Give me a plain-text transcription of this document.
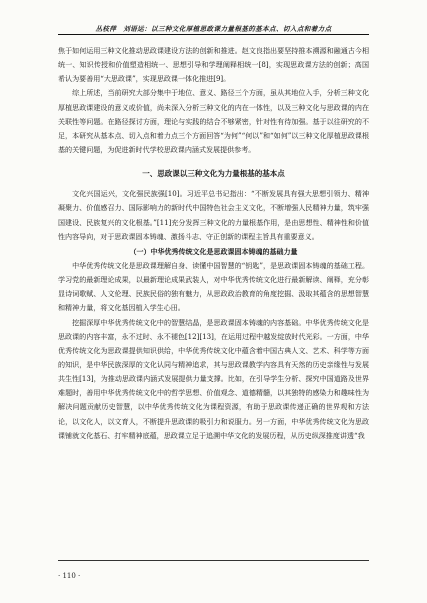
丛枝萍　刘语运：以三种文化厚植思政课力量根基的基本点、切入点和着力点

焦于如何运用三种文化推动思政课建设方法的创新和推进。赵文良指出要坚持推本溯源和融通古今相统一、知识传授和价值塑造相统一、思想引导和学理阐释相统一[8]，实现思政课方法的创新；高国希认为要善用“大思政课”，实现思政课一体化推进[9]。

综上所述，当前研究大部分集中于地位、意义、路径三个方面，虽从其地位入手，分析三种文化厚植思政课建设的意义或价值，尚未深入分析三种文化的内在一体性，以及三种文化与思政课的内在关联性等问题。在路径探讨方面，理论与实践的结合不够紧密，针对性有待加强。基于以往研究的不足，本研究从基本点、切入点和着力点三个方面回答“为何”“何以”和“如何”以三种文化厚植思政课根基的关键问题，为促进新时代学校思政课内涵式发展提供参考。

一、思政课以三种文化为力量根基的基本点

文化兴国运兴，文化强民族强[10]。习近平总书记指出：“不断发展具有强大思想引领力、精神凝聚力、价值感召力、国际影响力的新时代中国特色社会主义文化，不断增强人民精神力量，筑牢强国建设、民族复兴的文化根基。”[11]充分发挥三种文化的力量根基作用，是由思想性、精神性和价值性内容导向，对于思政课固本铸魂、激扬斗志、守正创新的课程主旨具有重要意义。

（一）中华优秀传统文化是思政课固本铸魂的基础力量

中华优秀传统文化是思政课理解自身、读懂中国智慧的“钥匙”，是思政课固本铸魂的基础工程。学习党的最新理论成果，以最新理论成果武装人，对中华优秀传统文化进行最新解读、阐释，充分彰显诗词歌赋、人文伦理、民族民俗的独有魅力，从思政政治教育的角度挖掘、汲取其蕴含的思想智慧和精神力量，将文化基因植入学生心田。

挖掘深厚中华优秀传统文化中的智慧结晶，是思政课固本铸魂的内容基础。中华优秀传统文化是思政课的内容丰富，永不过时、永不褪色[12][13]，在运用过程中越发绽放时代光彩。一方面，中华优秀传统文化为思政课提供知识供给，中华优秀传统文化中蕴含着中国古典人文、艺术、科学等方面的知识，是中华民族深厚的文化认同与精神追求，其与思政课教学内容具有天然的历史亲缘性与发展共生性[13]，为推动思政课内涵式发展提供力量支撑。比如，在引导学生分析、探究中国道路及世界难题时，善用中华优秀传统文化中的哲学思想、价值观念、道德精髓，以其独特的感染力和趣味性为解决问题贡献历史智慧，以中华优秀传统文化为课程资源，有助于思政课传递正确的世界观和方法论，以文化人，以文育人，不断提升思政课的吸引力和说服力。另一方面，中华优秀传统文化为思政课铺就文化基石、打牢精神底蕴，思政课立足于追溯中华文化的发展历程，从历史纵深推度讲透“我

· 110 ·
